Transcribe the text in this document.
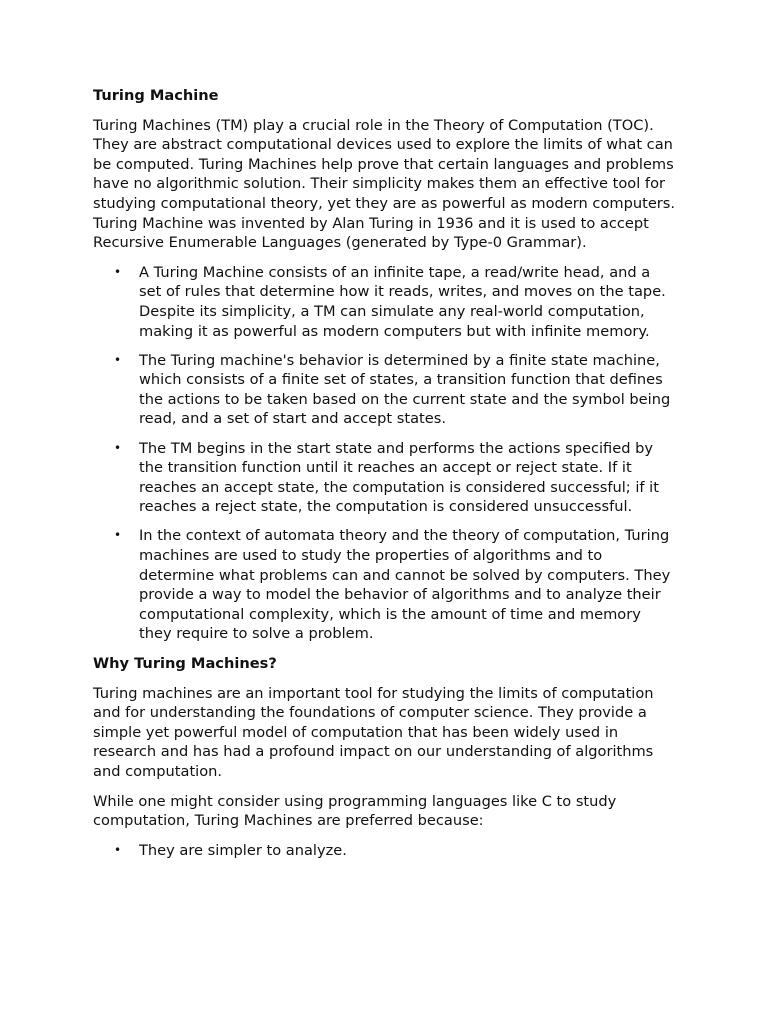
Turing Machine
Turing Machines (TM) play a crucial role in the Theory of Computation (TOC). They are abstract computational devices used to explore the limits of what can be computed. Turing Machines help prove that certain languages and problems have no algorithmic solution. Their simplicity makes them an effective tool for studying computational theory, yet they are as powerful as modern computers. Turing Machine was invented by Alan Turing in 1936 and it is used to accept Recursive Enumerable Languages (generated by Type-0 Grammar).
• A Turing Machine consists of an infinite tape, a read/write head, and a set of rules that determine how it reads, writes, and moves on the tape. Despite its simplicity, a TM can simulate any real-world computation, making it as powerful as modern computers but with infinite memory.
• The Turing machine's behavior is determined by a finite state machine, which consists of a finite set of states, a transition function that defines the actions to be taken based on the current state and the symbol being read, and a set of start and accept states.
• The TM begins in the start state and performs the actions specified by the transition function until it reaches an accept or reject state. If it reaches an accept state, the computation is considered successful; if it reaches a reject state, the computation is considered unsuccessful.
• In the context of automata theory and the theory of computation, Turing machines are used to study the properties of algorithms and to determine what problems can and cannot be solved by computers. They provide a way to model the behavior of algorithms and to analyze their computational complexity, which is the amount of time and memory they require to solve a problem.
Why Turing Machines?
Turing machines are an important tool for studying the limits of computation and for understanding the foundations of computer science. They provide a simple yet powerful model of computation that has been widely used in research and has had a profound impact on our understanding of algorithms and computation.
While one might consider using programming languages like C to study computation, Turing Machines are preferred because:
• They are simpler to analyze.
